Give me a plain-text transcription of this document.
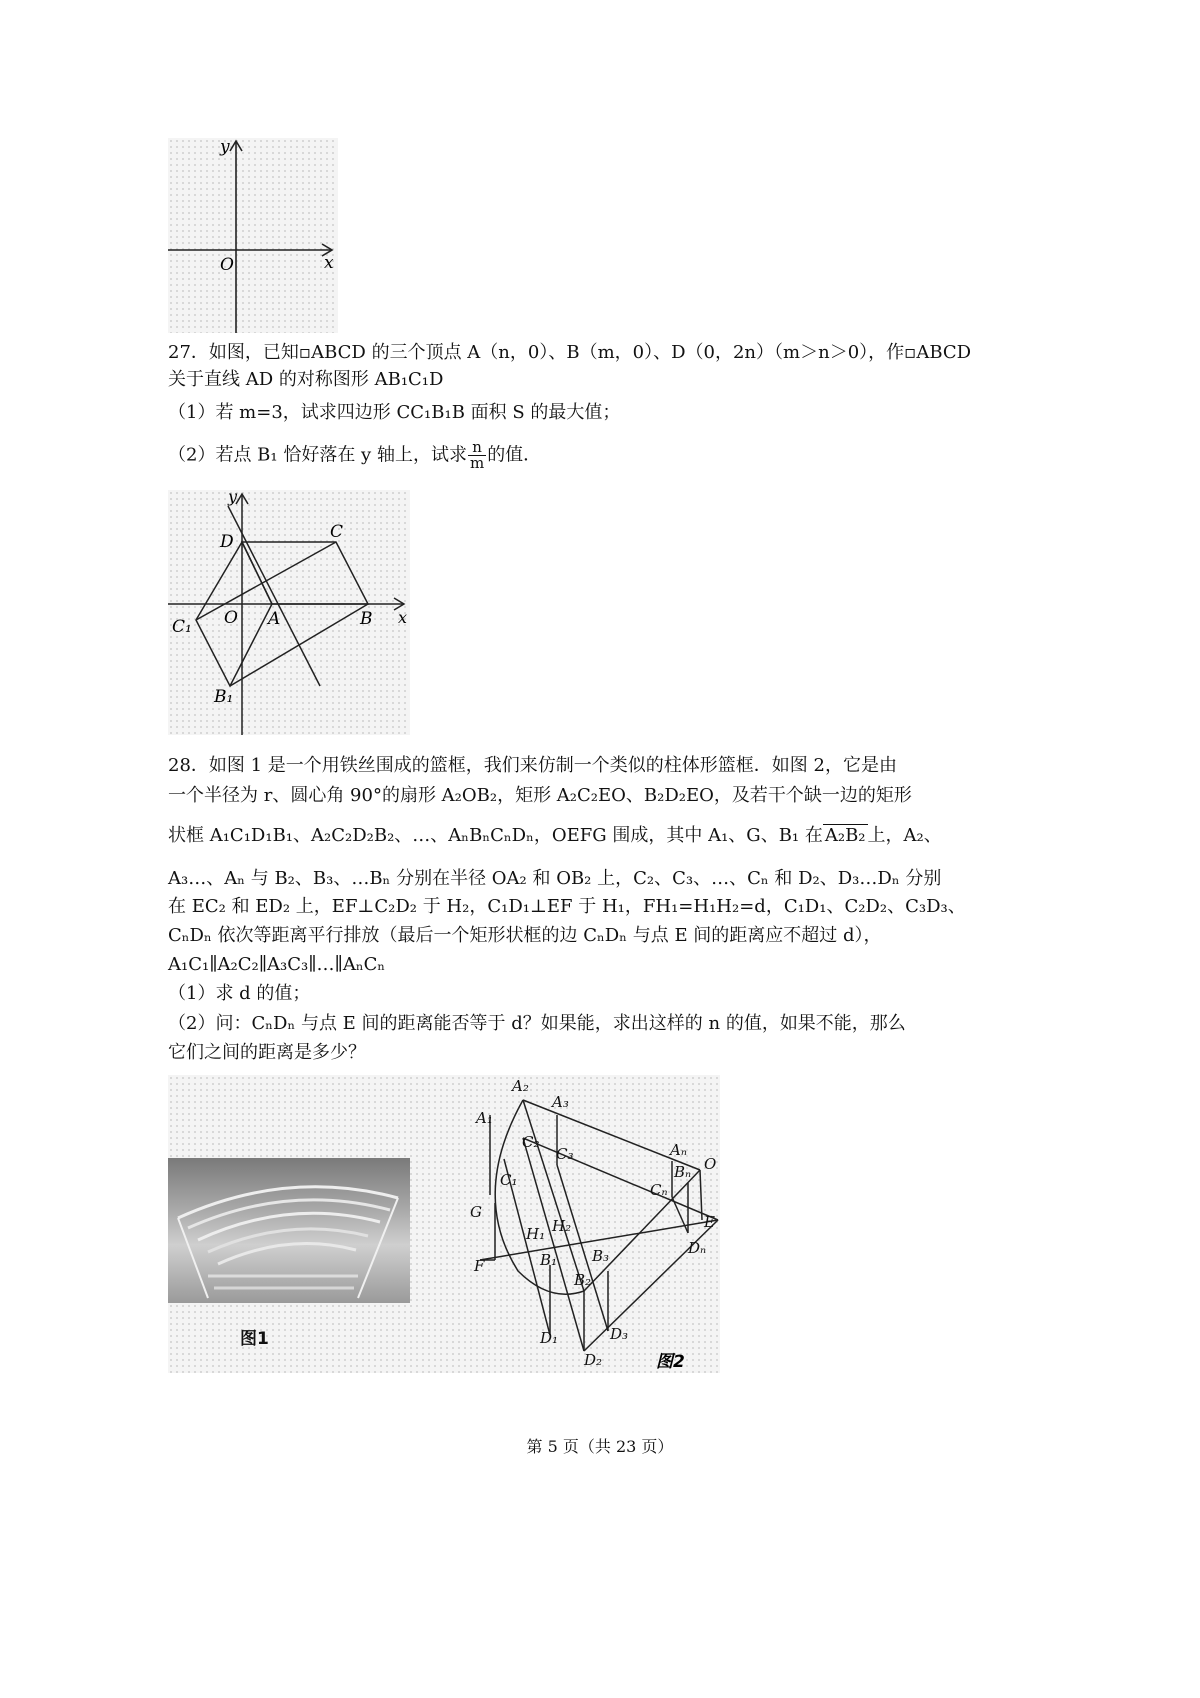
y
x
O
27．如图，已知▫ABCD 的三个顶点 A（n，0）、B（m，0）、D（0，2n）（m＞n＞0），作▫ABCD
关于直线 AD 的对称图形 AB₁C₁D
（1）若 m=3，试求四边形 CC₁B₁B 面积 S 的最大值；
（2）若点 B₁ 恰好落在 y 轴上，试求 $\frac{n}{m}$ 的值．
y
x
D	C
O A	B
C₁
B₁
28．如图 1 是一个用铁丝围成的篮框，我们来仿制一个类似的柱体形篮框．如图 2，它是由
一个半径为 r、圆心角 90°的扇形 A₂OB₂，矩形 A₂C₂EO、B₂D₂EO，及若干个缺一边的矩形
状框 A₁C₁D₁B₁、A₂C₂D₂B₂、…、AₙBₙCₙDₙ，OEFG 围成，其中 A₁、G、B₁ 在 A₂B₂ 上，A₂、
A₃…、Aₙ 与 B₂、B₃、…Bₙ 分别在半径 OA₂ 和 OB₂ 上，C₂、C₃、…、Cₙ 和 D₂、D₃…Dₙ 分别
在 EC₂ 和 ED₂ 上，EF⊥C₂D₂ 于 H₂，C₁D₁⊥EF 于 H₁，FH₁=H₁H₂=d，C₁D₁、C₂D₂、C₃D₃、
CₙDₙ 依次等距离平行排放（最后一个矩形状框的边 CₙDₙ 与点 E 间的距离应不超过 d），
A₁C₁∥A₂C₂∥A₃C₃∥…∥AₙCₙ
（1）求 d 的值；
（2）问：CₙDₙ 与点 E 间的距离能否等于 d？如果能，求出这样的 n 的值，如果不能，那么
它们之间的距离是多少？
图1
A₂
A₃
A₁
C₂
C₃
C₁
Aₙ
Bₙ O
Cₙ
G
E
H₁ H₂
B₁ B₃	Dₙ
F
B₂
D₁	D₃
D₂	图2
第 5 页（共 23 页）
